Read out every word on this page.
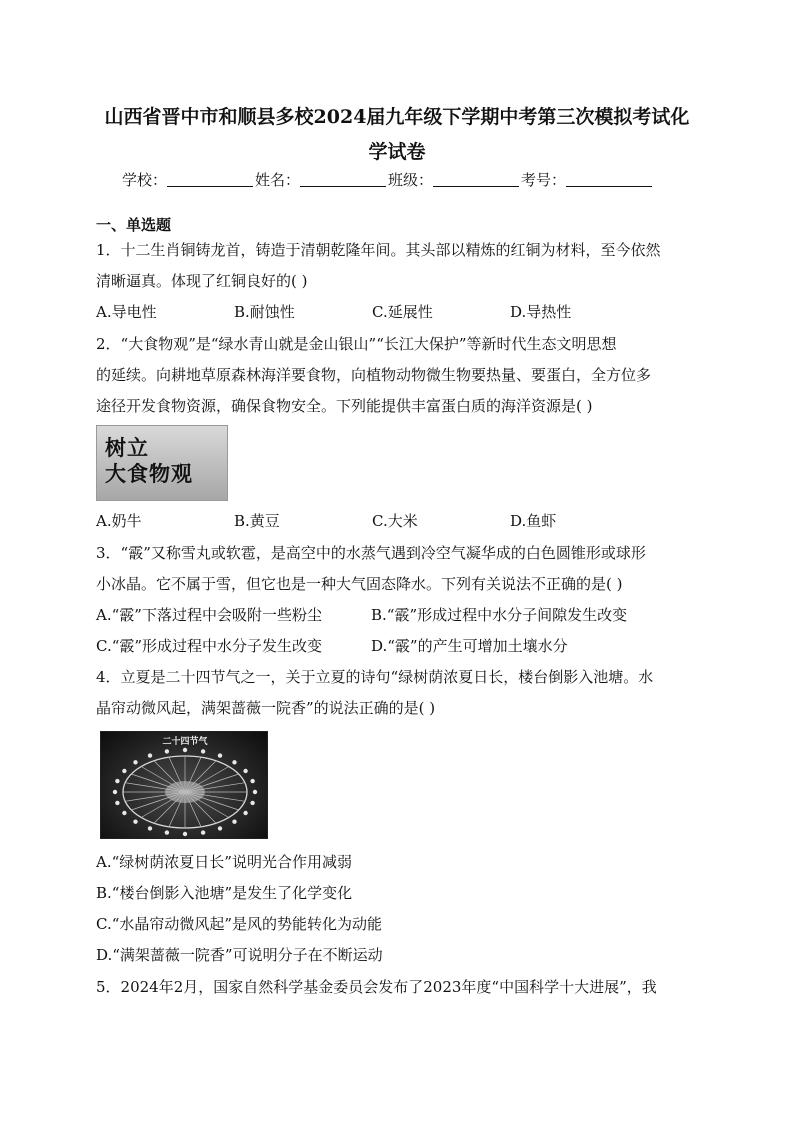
山西省晋中市和顺县多校2024届九年级下学期中考第三次模拟考试化
学试卷
学校：	姓名：	班级：	考号：
一、单选题
1．十二生肖铜铸龙首，铸造于清朝乾隆年间。其头部以精炼的红铜为材料，至今依然
清晰逼真。体现了红铜良好的( )
A.导电性	B.耐蚀性	C.延展性	D.导热性
2．“大食物观”是“绿水青山就是金山银山”“长江大保护”等新时代生态文明思想
的延续。向耕地草原森林海洋要食物，向植物动物微生物要热量、要蛋白，全方位多
途径开发食物资源，确保食物安全。下列能提供丰富蛋白质的海洋资源是( )
树立
大食物观
A.奶牛	B.黄豆	C.大米	D.鱼虾
3．“霰”又称雪丸或软雹，是高空中的水蒸气遇到冷空气凝华成的白色圆锥形或球形
小冰晶。它不属于雪，但它也是一种大气固态降水。下列有关说法不正确的是( )
A.“霰”下落过程中会吸附一些粉尘	B.“霰”形成过程中水分子间隙发生改变
C.“霰”形成过程中水分子发生改变	D.“霰”的产生可增加土壤水分
4．立夏是二十四节气之一，关于立夏的诗句“绿树荫浓夏日长，楼台倒影入池塘。水
晶帘动微风起，满架蔷薇一院香”的说法正确的是( )
二十四节气
A.“绿树荫浓夏日长”说明光合作用减弱
B.“楼台倒影入池塘”是发生了化学变化
C.“水晶帘动微风起”是风的势能转化为动能
D.“满架蔷薇一院香”可说明分子在不断运动
5．2024年2月，国家自然科学基金委员会发布了2023年度“中国科学十大进展”，我
